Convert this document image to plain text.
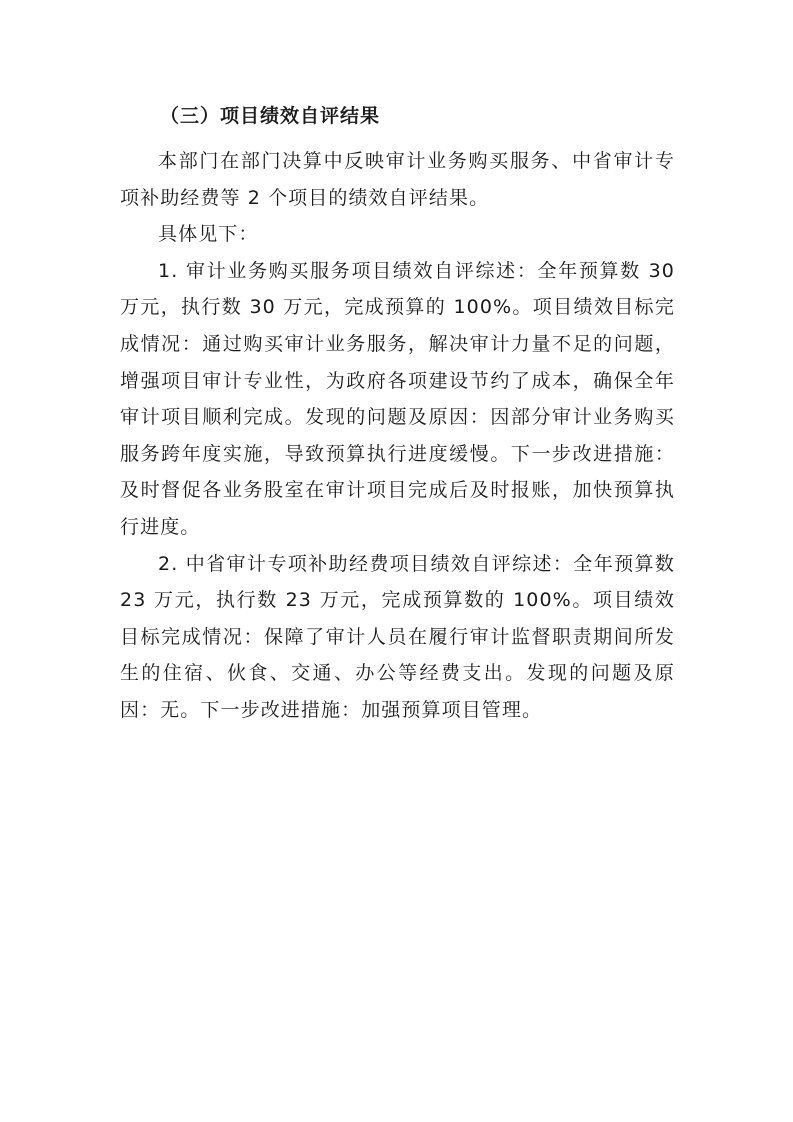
（三）项目绩效自评结果

本部门在部门决算中反映审计业务购买服务、中省审计专项补助经费等 2 个项目的绩效自评结果。

具体见下：

1. 审计业务购买服务项目绩效自评综述：全年预算数 30 万元，执行数 30 万元，完成预算的 100%。项目绩效目标完成情况：通过购买审计业务服务，解决审计力量不足的问题，增强项目审计专业性，为政府各项建设节约了成本，确保全年审计项目顺利完成。发现的问题及原因：因部分审计业务购买服务跨年度实施，导致预算执行进度缓慢。下一步改进措施：及时督促各业务股室在审计项目完成后及时报账，加快预算执行进度。

2. 中省审计专项补助经费项目绩效自评综述：全年预算数 23 万元，执行数 23 万元，完成预算数的 100%。项目绩效目标完成情况：保障了审计人员在履行审计监督职责期间所发生的住宿、伙食、交通、办公等经费支出。发现的问题及原因：无。下一步改进措施：加强预算项目管理。
